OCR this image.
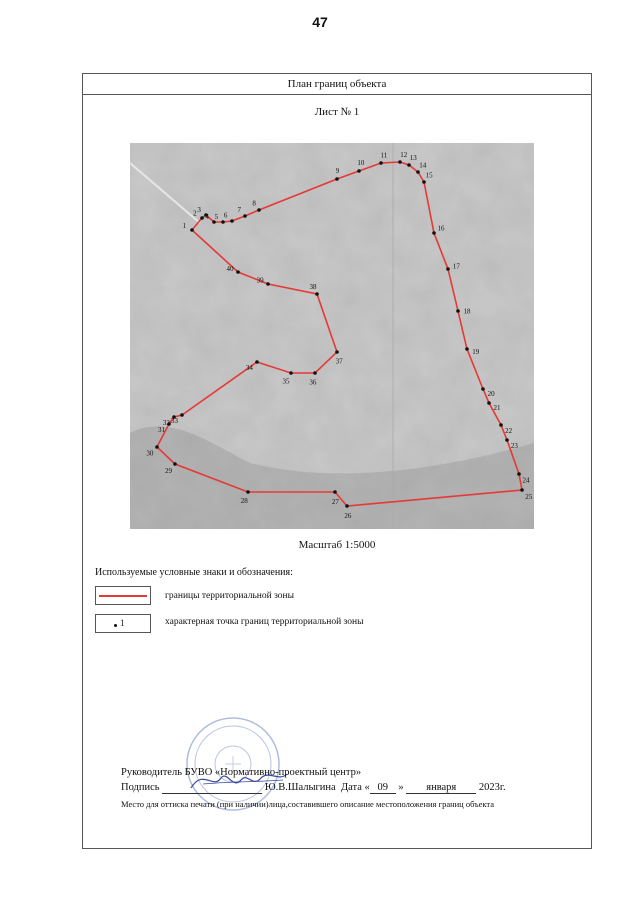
47
План границ объекта
Лист № 1
1
2 3
4 5 6
7
8
9
10
11 12 13
14
15
16
17
18
19
20
21
22
23
24
25
26
27
28
29
30
31
32 33
34
35	36
37
38
39
40
Масштаб 1:5000
Используемые условные знаки и обозначения:
границы территориальной зоны
1	характерная точка границ территориальной зоны
Руководитель БУВО «Нормативно-проектный центр»
Подпись	Ю.В.Шалыгина Дата « 09 » января 2023г.
Место для оттиска печати (при наличии)лица,составившего описание местоположения границ объекта
